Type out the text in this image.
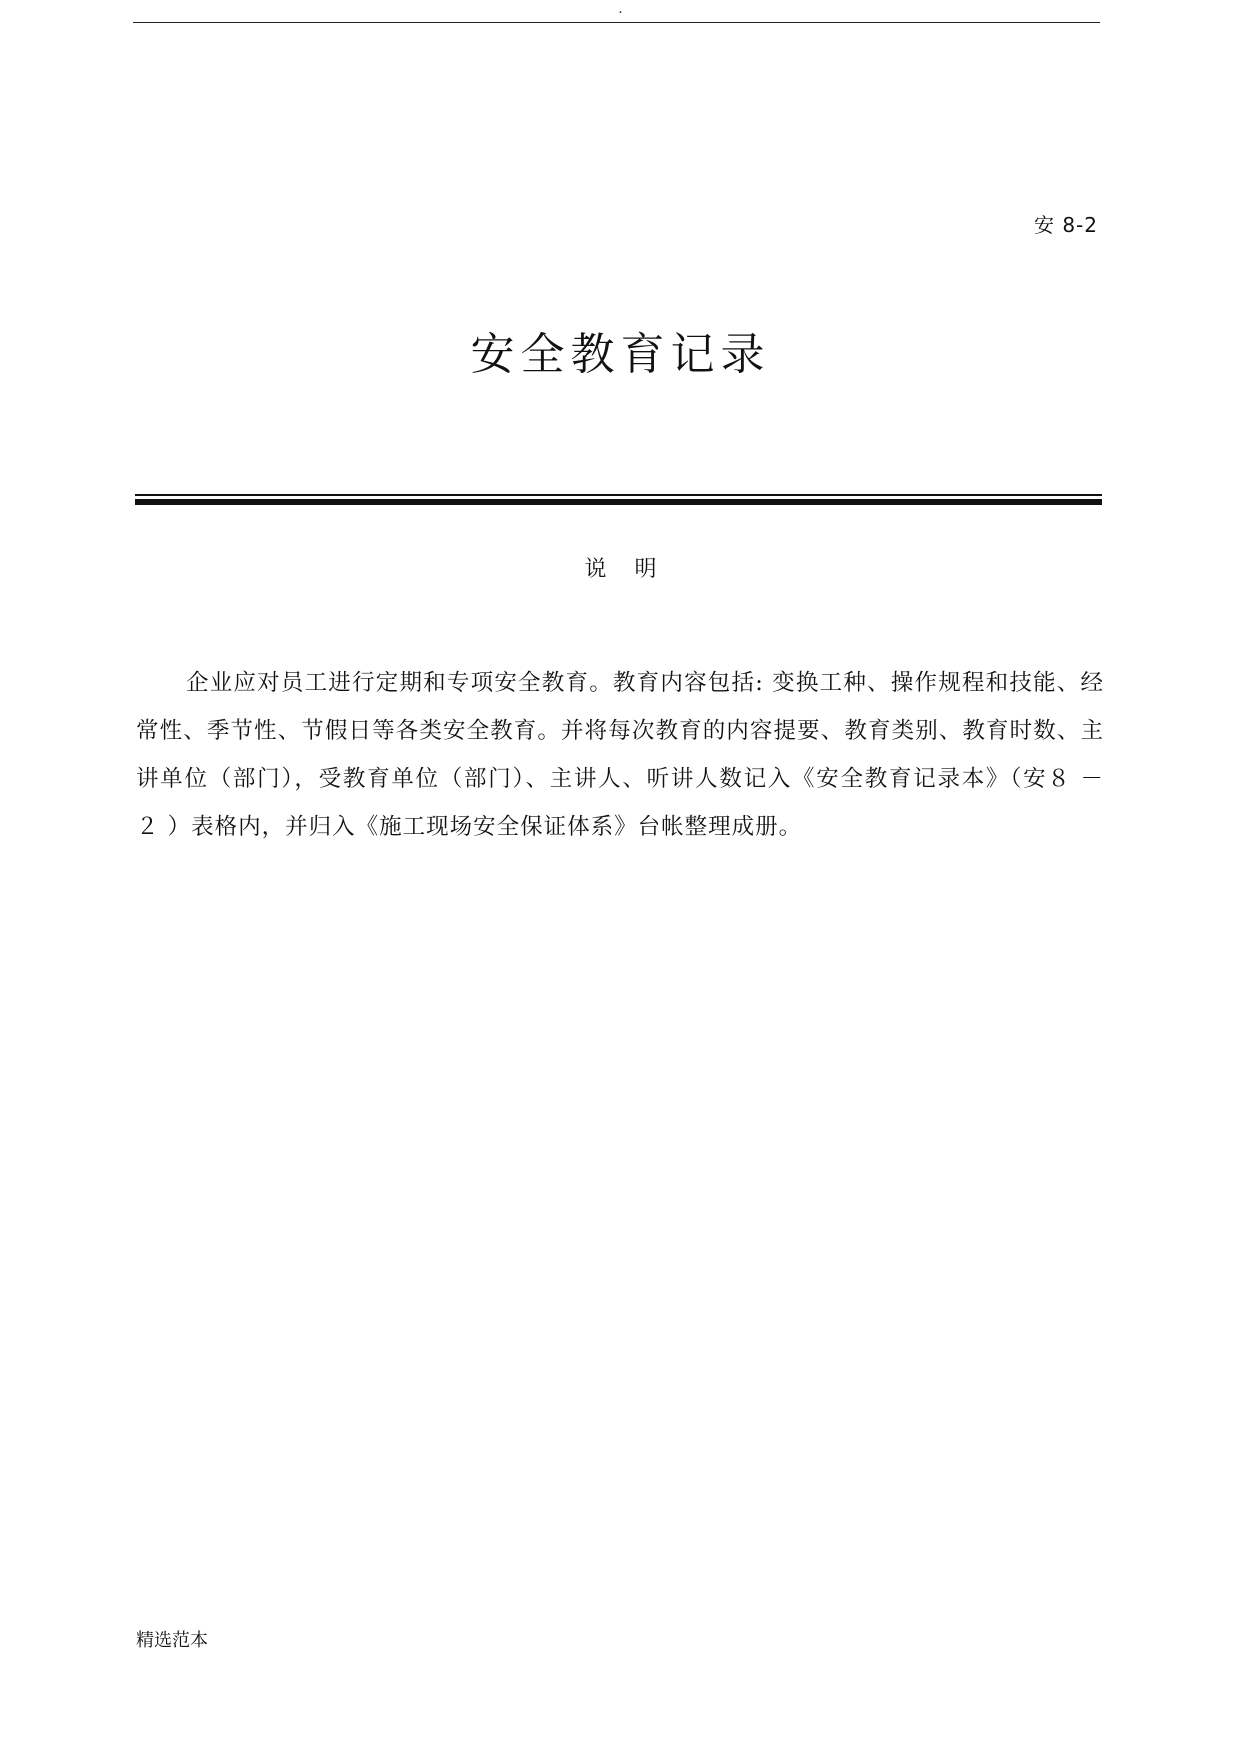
.
安 8-2
安全教育记录
说明

企业应对员工进行定期和专项安全教育。教育内容包括: 变换工种、操作规程和技能、经常性、季节性、节假日等各类安全教育。并将每次教育的内容提要、教育类别、教育时数、主讲单位（部门），受教育单位（部门）、主讲人、听讲人数记入《安全教育记录本》（安８ － ２ ）表格内，并归入《施工现场安全保证体系》台帐整理成册。

精选范本
